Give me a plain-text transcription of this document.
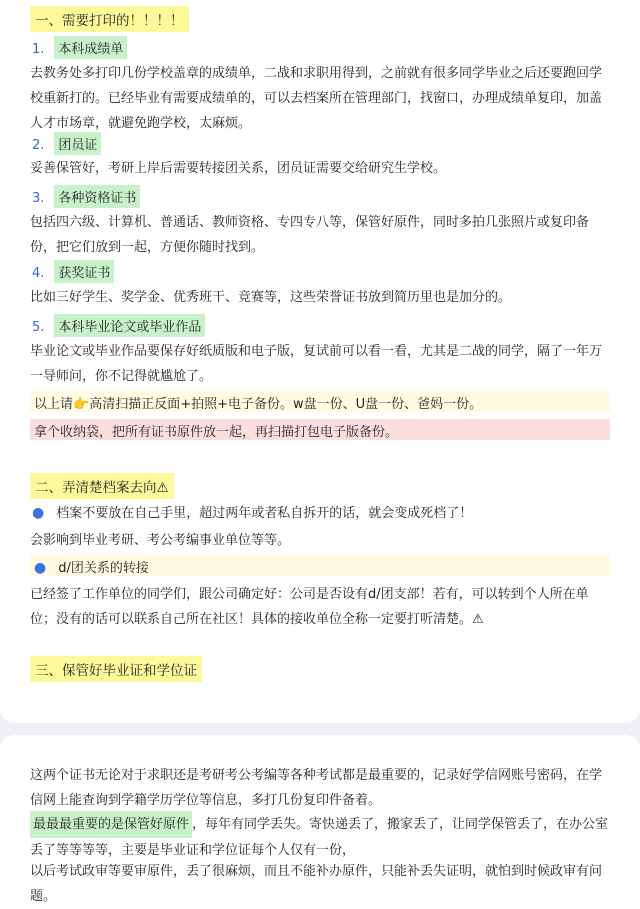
一、需要打印的！！！！
1. 本科成绩单
去教务处多打印几份学校盖章的成绩单，二战和求职用得到，之前就有很多同学毕业之后还要跑回学
校重新打的。已经毕业有需要成绩单的，可以去档案所在管理部门，找窗口，办理成绩单复印，加盖
人才市场章，就避免跑学校，太麻烦。
2. 团员证
妥善保管好，考研上岸后需要转接团关系，团员证需要交给研究生学校。
3. 各种资格证书
包括四六级、计算机、普通话、教师资格、专四专八等，保管好原件，同时多拍几张照片或复印备
份，把它们放到一起，方便你随时找到。
4. 获奖证书
比如三好学生、奖学金、优秀班干、竞赛等，这些荣誉证书放到简历里也是加分的。
5. 本科毕业论文或毕业作品
毕业论文或毕业作品要保存好纸质版和电子版，复试前可以看一看，尤其是二战的同学，隔了一年万
一导师问，你不记得就尴尬了。
以上请👉高清扫描正反面+拍照+电子备份。w盘一份、U盘一份、爸妈一份。
拿个收纳袋，把所有证书原件放一起，再扫描打包电子版备份。
二、弄清楚档案去向⚠
● 档案不要放在自己手里，超过两年或者私自拆开的话，就会变成死档了！
会影响到毕业考研、考公考编事业单位等等。
● d/团关系的转接
已经签了工作单位的同学们，跟公司确定好：公司是否设有d/团支部！若有，可以转到个人所在单
位；没有的话可以联系自己所在社区！具体的接收单位全称一定要打听清楚。⚠
三、保管好毕业证和学位证
这两个证书无论对于求职还是考研考公考编等各种考试都是最重要的，记录好学信网账号密码，在学
信网上能查询到学籍学历学位等信息，多打几份复印件备着。
最最最重要的是保管好原件 ，每年有同学丢失。寄快递丢了，搬家丢了，让同学保管丢了，在办公室
丢了等等等等，主要是毕业证和学位证每个人仅有一份，
以后考试政审等要审原件，丢了很麻烦，而且不能补办原件，只能补丢失证明，就怕到时候政审有问
题。
